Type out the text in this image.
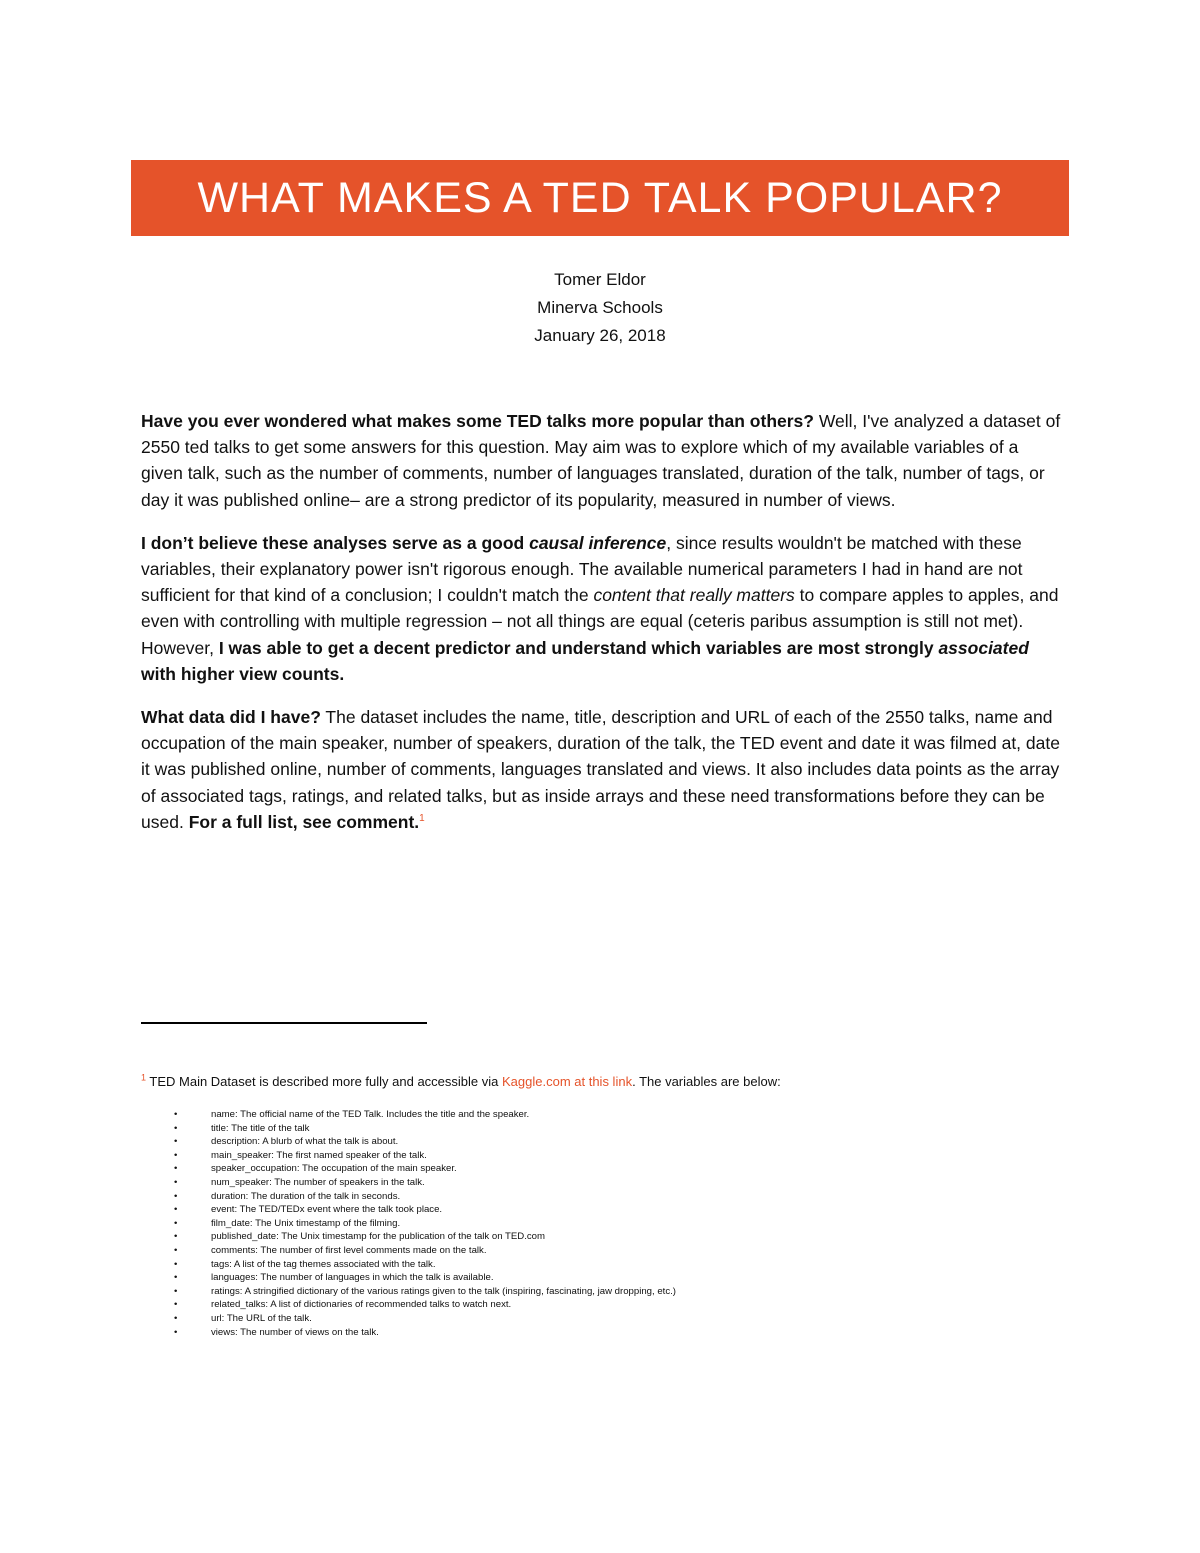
WHAT MAKES A TED TALK POPULAR?
Tomer Eldor
Minerva Schools
January 26, 2018

Have you ever wondered what makes some TED talks more popular than others? Well, I've analyzed a dataset of 2550 ted talks to get some answers for this question. May aim was to explore which of my available variables of a given talk, such as the number of comments, number of languages translated, duration of the talk, number of tags, or day it was published online– are a strong predictor of its popularity, measured in number of views.

I don’t believe these analyses serve as a good causal inference, since results wouldn't be matched with these variables, their explanatory power isn't rigorous enough. The available numerical parameters I had in hand are not sufficient for that kind of a conclusion; I couldn't match the content that really matters to compare apples to apples, and even with controlling with multiple regression – not all things are equal (ceteris paribus assumption is still not met). However, I was able to get a decent predictor and understand which variables are most strongly associated with higher view counts.

What data did I have? The dataset includes the name, title, description and URL of each of the 2550 talks, name and occupation of the main speaker, number of speakers, duration of the talk, the TED event and date it was filmed at, date it was published online, number of comments, languages translated and views. It also includes data points as the array of associated tags, ratings, and related talks, but as inside arrays and these need transformations before they can be used. For a full list, see comment.$^1$

$^1$ TED Main Dataset is described more fully and accessible via Kaggle.com at this link. The variables are below:
•	name: The official name of the TED Talk. Includes the title and the speaker.
•	title: The title of the talk
•	description: A blurb of what the talk is about.
•	main_speaker: The first named speaker of the talk.
•	speaker_occupation: The occupation of the main speaker.
•	num_speaker: The number of speakers in the talk.
•	duration: The duration of the talk in seconds.
•	event: The TED/TEDx event where the talk took place.
•	film_date: The Unix timestamp of the filming.
•	published_date: The Unix timestamp for the publication of the talk on TED.com
•	comments: The number of first level comments made on the talk.
•	tags: A list of the tag themes associated with the talk.
•	languages: The number of languages in which the talk is available.
•	ratings: A stringified dictionary of the various ratings given to the talk (inspiring, fascinating, jaw dropping, etc.)
•	related_talks: A list of dictionaries of recommended talks to watch next.
•	url: The URL of the talk.
•	views: The number of views on the talk.
